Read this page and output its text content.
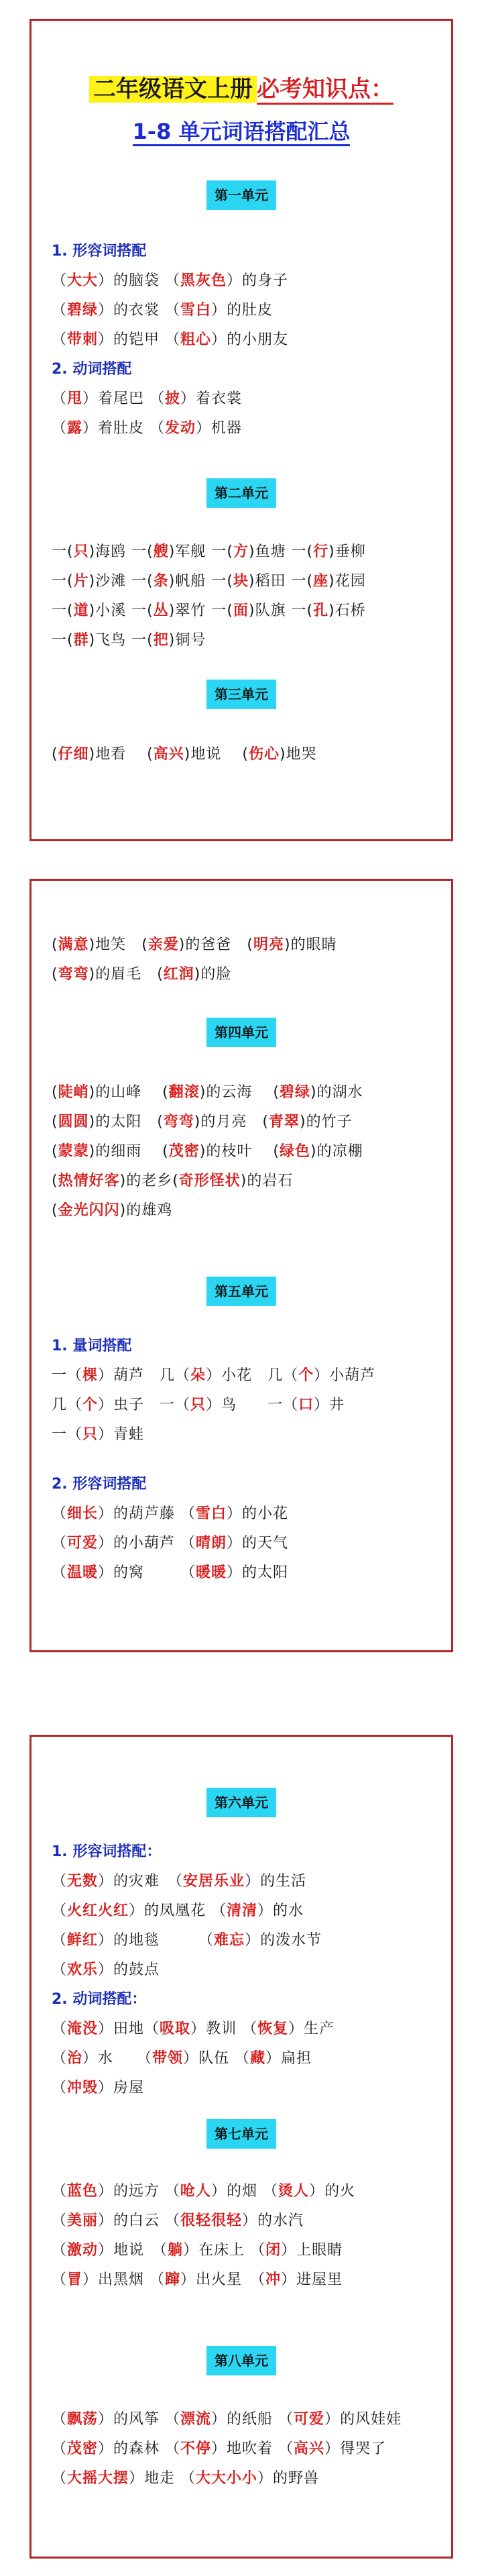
二年级语文上册 必考知识点：
1-8 单元词语搭配汇总
第一单元
1. 形容词搭配
（大大）的脑袋 （黑灰色）的身子
（碧绿）的衣裳 （雪白）的肚皮
（带刺）的铠甲 （粗心）的小朋友
2. 动词搭配
（甩）着尾巴 （披）着衣裳
（露）着肚皮 （发动）机器
第二单元
一(只)海鸥 一(艘)军舰 一(方)鱼塘 一(行)垂柳
一(片)沙滩 一(条)帆船 一(块)稻田 一(座)花园
一(道)小溪 一(丛)翠竹 一(面)队旗 一(孔)石桥
一(群)飞鸟 一(把)铜号
第三单元
(仔细)地看　 (高兴)地说　 (伤心)地哭
(满意)地笑　(亲爱)的爸爸　(明亮)的眼睛
(弯弯)的眉毛　(红润)的脸
第四单元
(陡峭)的山峰　 (翻滚)的云海　 (碧绿)的湖水
(圆圆)的太阳　(弯弯)的月亮　(青翠)的竹子
(蒙蒙)的细雨　 (茂密)的枝叶　 (绿色)的凉棚
(热情好客)的老乡(奇形怪状)的岩石
(金光闪闪)的雄鸡
第五单元
1. 量词搭配
一（棵）葫芦　几（朵）小花　几（个）小葫芦
几（个）虫子　一（只）鸟　　一（口）井
一（只）青蛙
2. 形容词搭配
（细长）的葫芦藤 （雪白）的小花
（可爱）的小葫芦 （晴朗）的天气
（温暖）的窝　　 （暖暖）的太阳
第六单元
1. 形容词搭配：
（无数）的灾难　（安居乐业）的生活
（火红火红）的凤凰花 （清清）的水
（鲜红）的地毯　　　（难忘）的泼水节
（欢乐）的鼓点
2. 动词搭配：
（淹没）田地（吸取）教训 （恢复）生产
（治）水　　（带领）队伍 （藏）扁担
（冲毁）房屋
第七单元
（蓝色）的远方 （呛人）的烟 （烫人）的火
（美丽）的白云 （很轻很轻）的水汽
（激动）地说　（躺）在床上 （闭）上眼睛
（冒）出黑烟 （蹿）出火星　（冲）进屋里
第八单元
（飘荡）的风筝 （漂流）的纸船 （可爱）的风娃娃
（茂密）的森林 （不停）地吹着 （高兴）得哭了
（大摇大摆）地走 （大大小小）的野兽
